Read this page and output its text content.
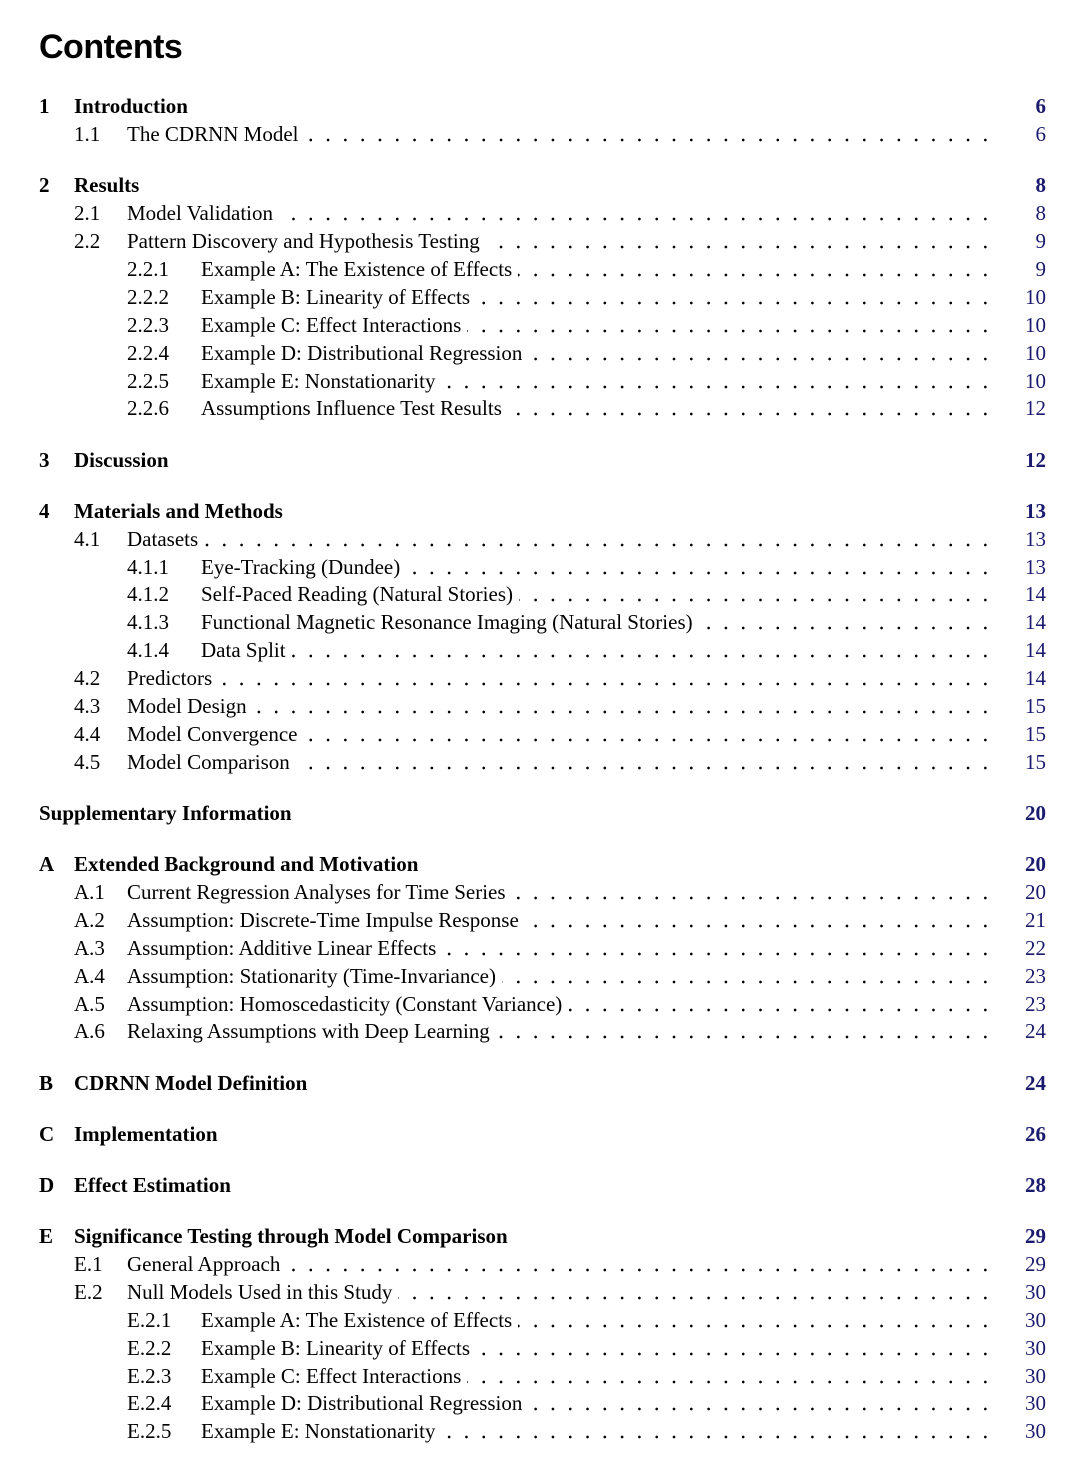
Contents
1 Introduction	6
1.1 The CDRNN Model	6
2 Results	8
2.1 Model Validation	8
2.2 Pattern Discovery and Hypothesis Testing	9
2.2.1 Example A: The Existence of Effects	9
2.2.2 Example B: Linearity of Effects	10
2.2.3 Example C: Effect Interactions	10
2.2.4 Example D: Distributional Regression	10
2.2.5 Example E: Nonstationarity	10
2.2.6 Assumptions Influence Test Results	12
3 Discussion	12
4 Materials and Methods	13
4.1 Datasets	13
4.1.1 Eye-Tracking (Dundee)	13
4.1.2 Self-Paced Reading (Natural Stories)	14
4.1.3 Functional Magnetic Resonance Imaging (Natural Stories)	14
4.1.4 Data Split	14
4.2 Predictors	14
4.3 Model Design	15
4.4 Model Convergence	15
4.5 Model Comparison	15
Supplementary Information	20
A Extended Background and Motivation	20
A.1 Current Regression Analyses for Time Series	20
A.2 Assumption: Discrete-Time Impulse Response	21
A.3 Assumption: Additive Linear Effects	22
A.4 Assumption: Stationarity (Time-Invariance)	23
A.5 Assumption: Homoscedasticity (Constant Variance)	23
A.6 Relaxing Assumptions with Deep Learning	24
B CDRNN Model Definition	24
C Implementation	26
D Effect Estimation	28
E Significance Testing through Model Comparison	29
E.1 General Approach	29
E.2 Null Models Used in this Study	30
E.2.1 Example A: The Existence of Effects	30
E.2.2 Example B: Linearity of Effects	30
E.2.3 Example C: Effect Interactions	30
E.2.4 Example D: Distributional Regression	30
E.2.5 Example E: Nonstationarity	30
